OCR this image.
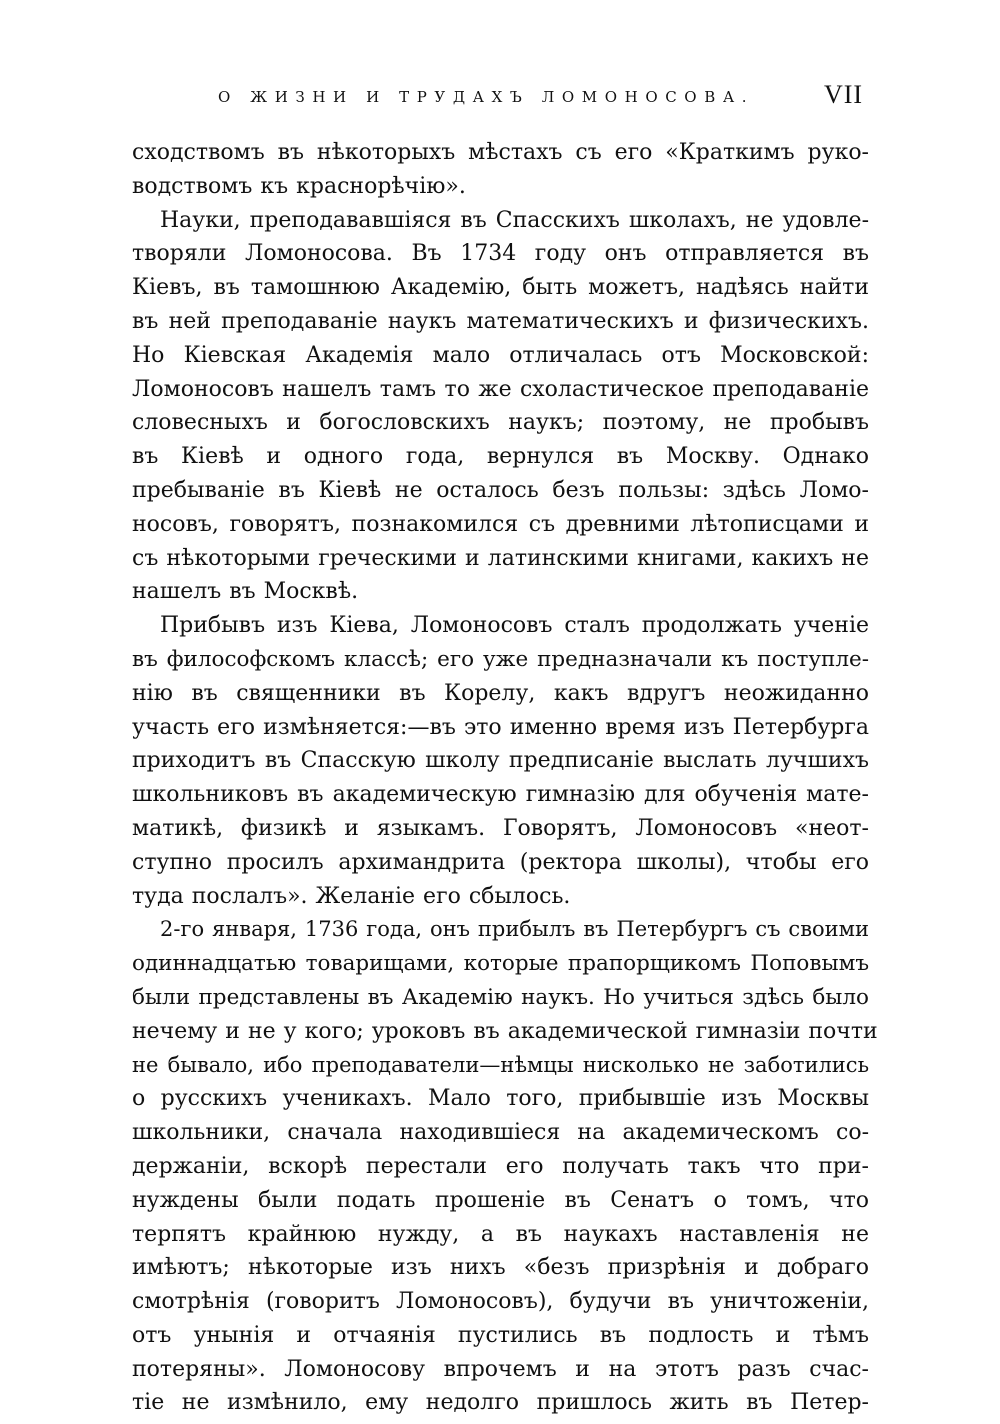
О ЖИЗНИ И ТРУДАХЪ ЛОМОНОСОВА.	VII
сходствомъ въ нѣкоторыхъ мѣстахъ съ его «Краткимъ руко-
водствомъ къ краснорѣчію».
Науки, преподававшіяся въ Спасскихъ школахъ, не удовле-
творяли Ломоносова. Въ 1734 году онъ отправляется въ
Кіевъ, въ тамошнюю Академію, быть можетъ, надѣясь найти
въ ней преподаваніе наукъ математическихъ и физическихъ.
Но Кіевская Академія мало отличалась отъ Московской:
Ломоносовъ нашелъ тамъ то же схоластическое преподаваніе
словесныхъ и богословскихъ наукъ; поэтому, не пробывъ
въ Кіевѣ и одного года, вернулся въ Москву. Однако
пребываніе въ Кіевѣ не осталось безъ пользы: здѣсь Ломо-
носовъ, говорятъ, познакомился съ древними лѣтописцами и
съ нѣкоторыми греческими и латинскими книгами, какихъ не
нашелъ въ Москвѣ.
Прибывъ изъ Кіева, Ломоносовъ сталъ продолжать ученіе
въ философскомъ классѣ; его уже предназначали къ поступле-
нію въ священники въ Корелу, какъ вдругъ неожиданно
участь его измѣняется:—въ это именно время изъ Петербурга
приходитъ въ Спасскую школу предписаніе выслать лучшихъ
школьниковъ въ академическую гимназію для обученія мате-
матикѣ, физикѣ и языкамъ. Говорятъ, Ломоносовъ «неот-
ступно просилъ архимандрита (ректора школы), чтобы его
туда послалъ». Желаніе его сбылось.
2-го января, 1736 года, онъ прибылъ въ Петербургъ съ своими
одиннадцатью товарищами, которые прапорщикомъ Поповымъ
были представлены въ Академію наукъ. Но учиться здѣсь было
нечему и не у кого; уроковъ въ академической гимназіи почти
не бывало, ибо преподаватели—нѣмцы нисколько не заботились
о русскихъ ученикахъ. Мало того, прибывшіе изъ Москвы
школьники, сначала находившіеся на академическомъ со-
держаніи, вскорѣ перестали его получать такъ что при-
нуждены были подать прошеніе въ Сенатъ о томъ, что
терпятъ крайнюю нужду, а въ наукахъ наставленія не
имѣютъ; нѣкоторые изъ нихъ «безъ призрѣнія и добраго
смотрѣнія (говоритъ Ломоносовъ), будучи въ уничтоженіи,
отъ унынія и отчаянія пустились въ подлость и тѣмъ
потеряны». Ломоносову впрочемъ и на этотъ разъ счас-
тіе не измѣнило, ему недолго пришлось жить въ Петер-
